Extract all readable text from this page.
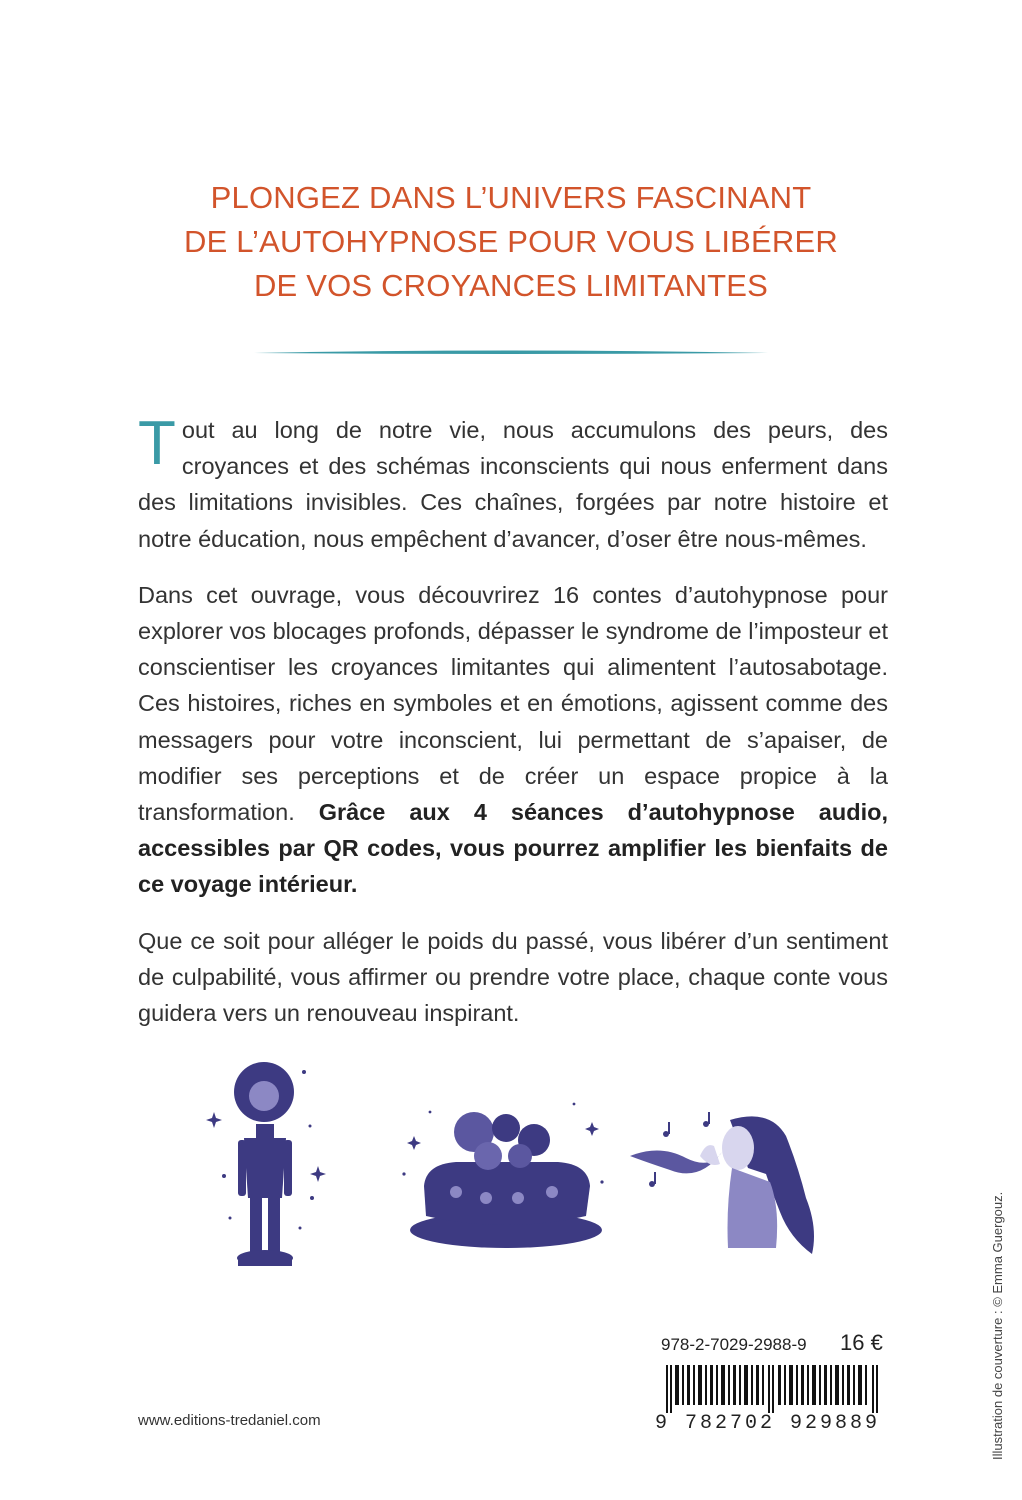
PLONGEZ DANS L’UNIVERS FASCINANT
DE L’AUTOHYPNOSE POUR VOUS LIBÉRER
DE VOS CROYANCES LIMITANTES

Tout au long de notre vie, nous accumulons des peurs, des croyances et des schémas inconscients qui nous enferment dans des limitations invisibles. Ces chaînes, forgées par notre histoire et notre éducation, nous empêchent d’avancer, d’oser être nous-mêmes.

Dans cet ouvrage, vous découvrirez 16 contes d’autohypnose pour explorer vos blocages profonds, dépasser le syndrome de l’imposteur et conscientiser les croyances limitantes qui alimentent l’autosabotage. Ces histoires, riches en symboles et en émotions, agissent comme des messagers pour votre inconscient, lui permettant de s’apaiser, de modifier ses perceptions et de créer un espace propice à la transformation. Grâce aux 4 séances d’autohypnose audio, accessibles par QR codes, vous pourrez amplifier les bienfaits de ce voyage intérieur.

Que ce soit pour alléger le poids du passé, vous libérer d’un sentiment de culpabilité, vous affirmer ou prendre votre place, chaque conte vous guidera vers un renouveau inspirant.

Illustration de couverture : © Emma Guergouz.
www.editions-tredaniel.com
978-2-7029-2988-9 16 €
9 782702 929889
